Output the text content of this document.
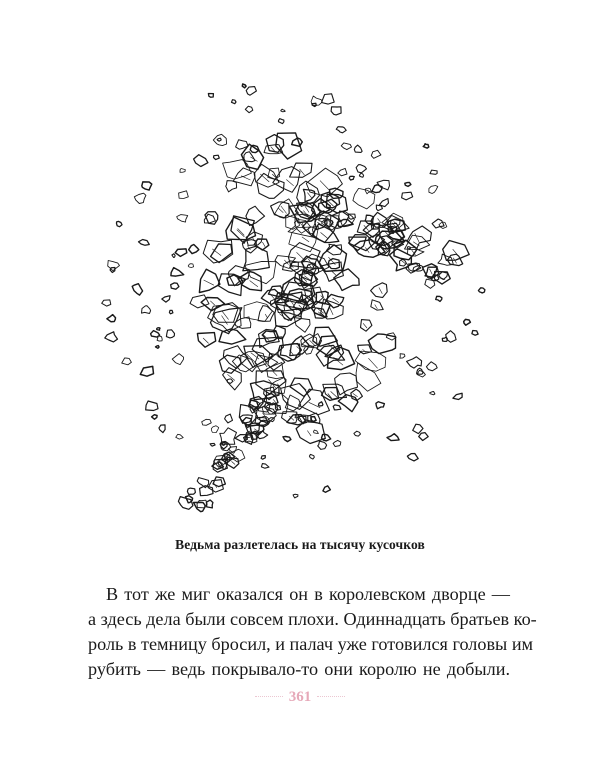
Ведьма разлетелась на тысячу кусочков
В тот же миг оказался он в королевском дворце —
а здесь дела были совсем плохи. Одиннадцать братьев ко-
роль в темницу бросил, и палач уже готовился головы им
рубить — ведь покрывало-то они королю не добыли.
361
